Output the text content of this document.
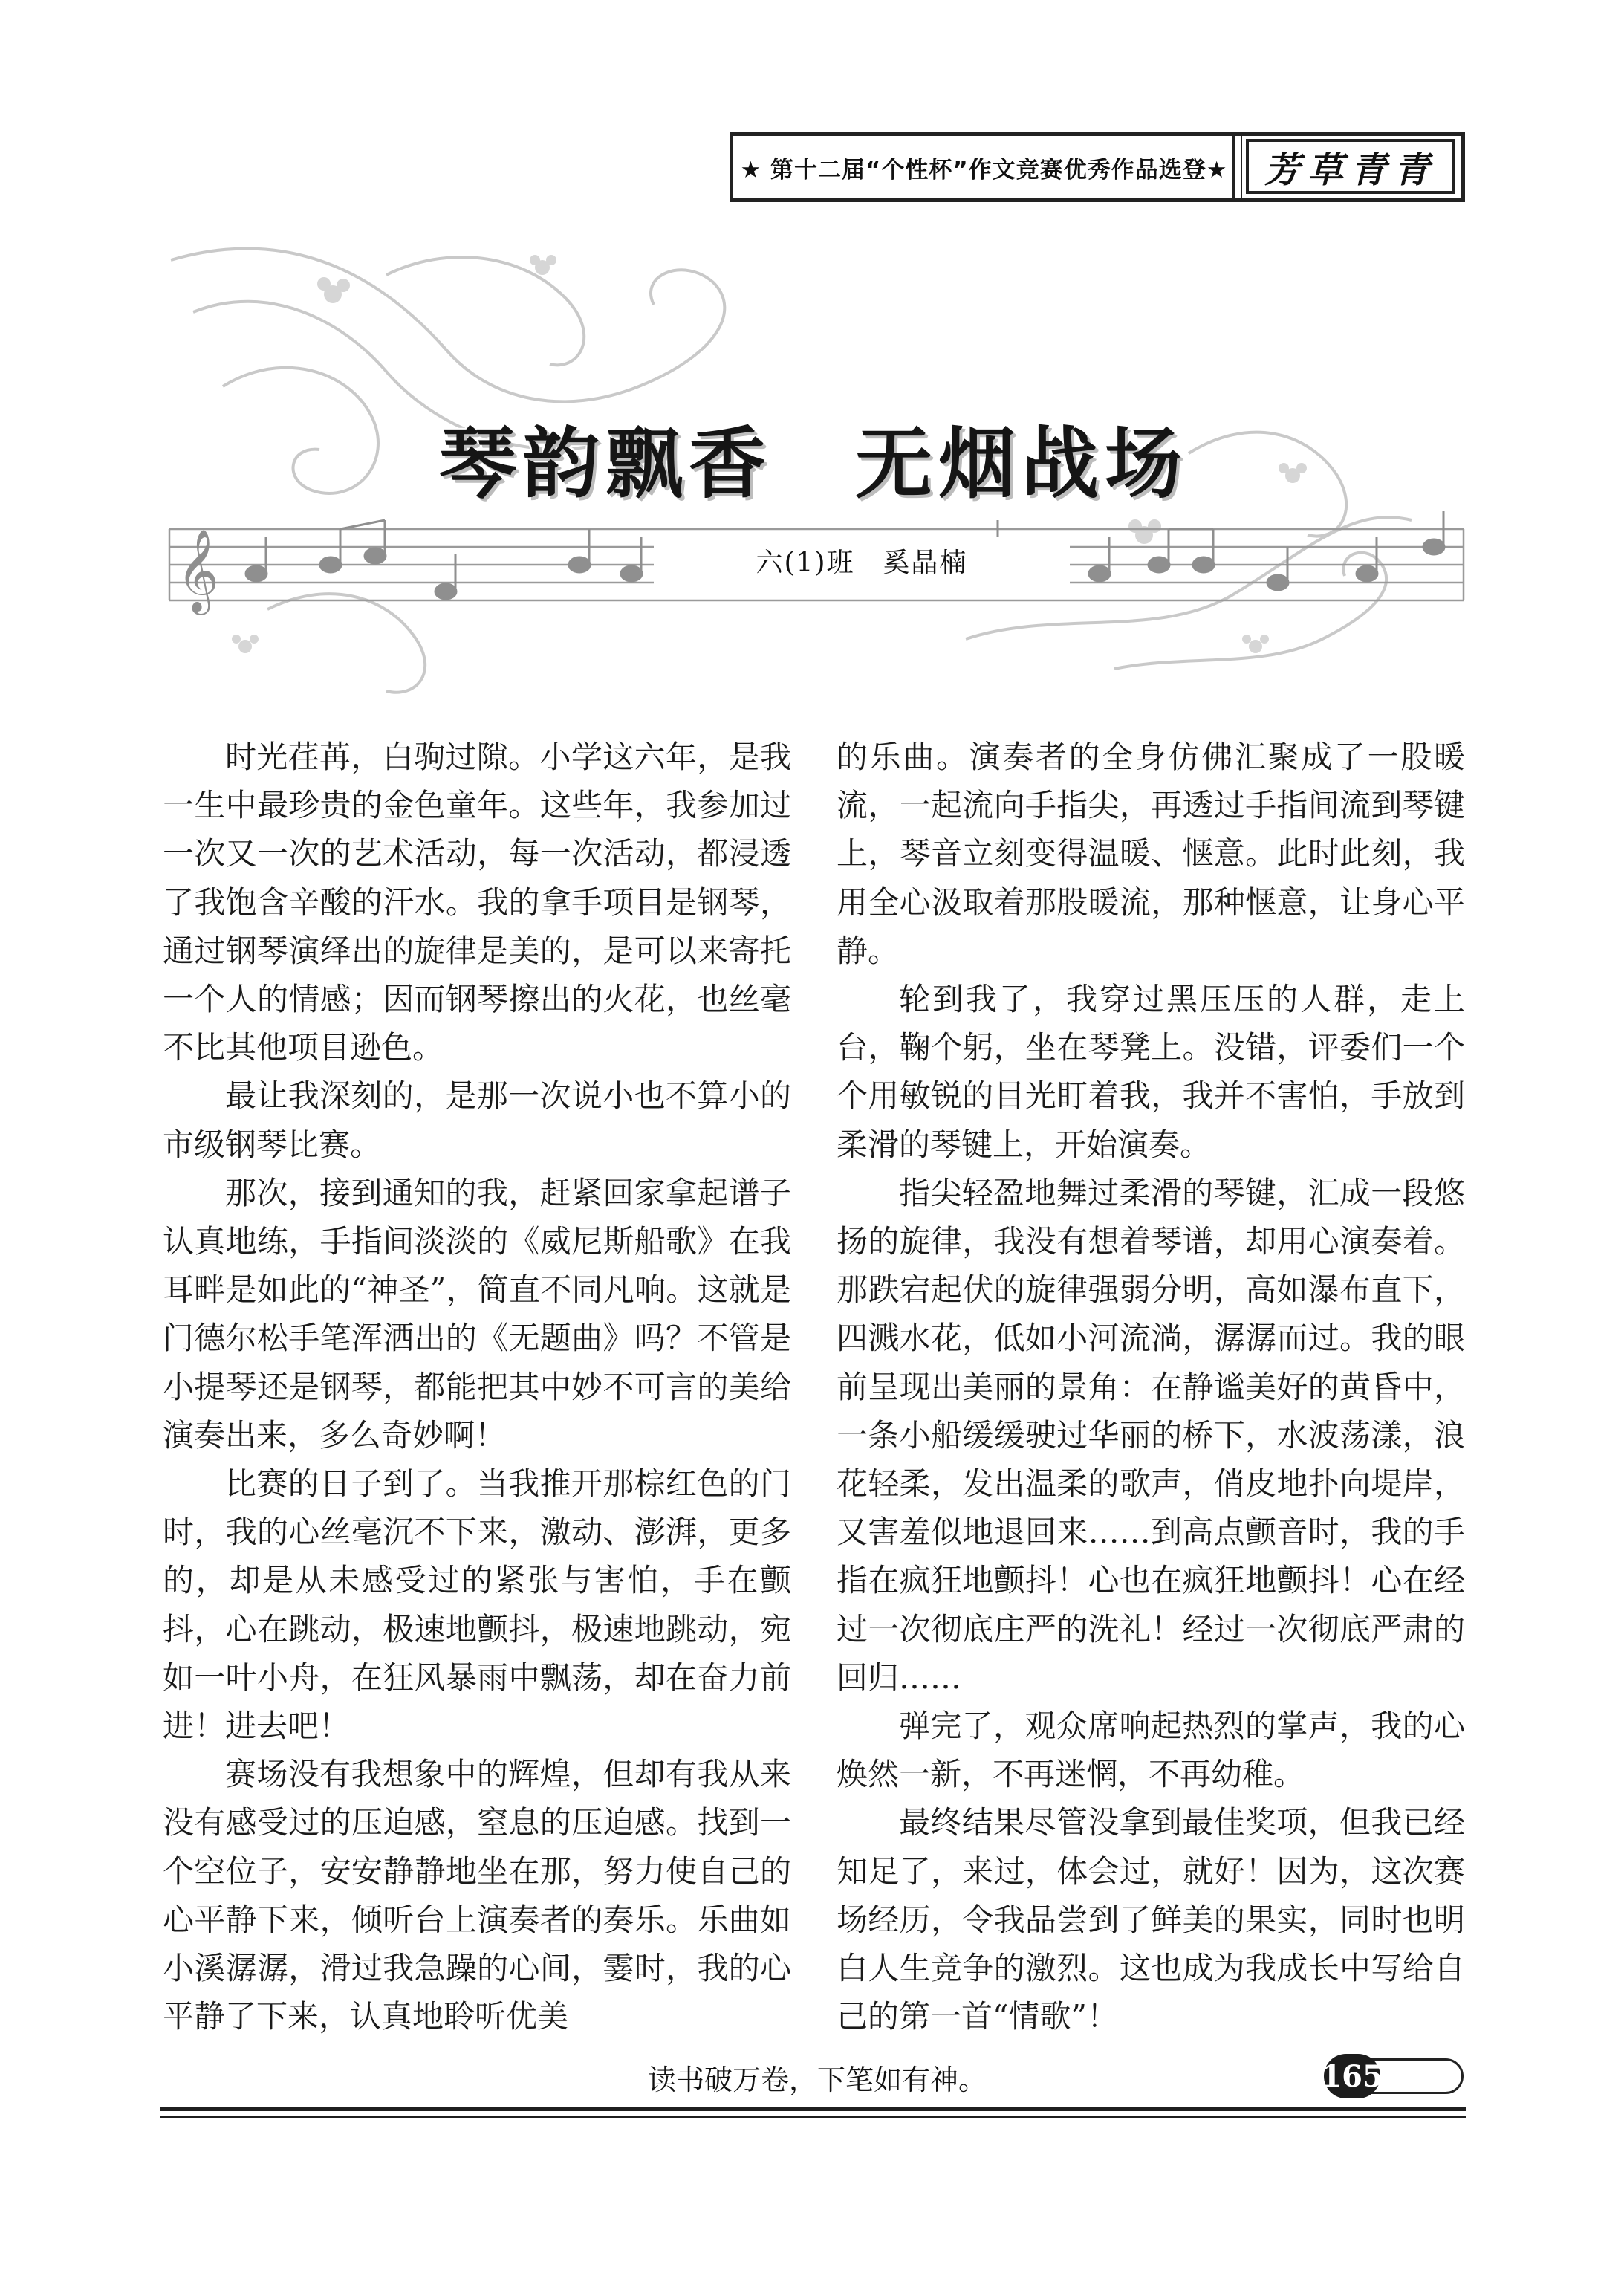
★ 第十二届“个性杯”作文竞赛优秀作品选登★	芳草青青
𝄞
琴韵飘香　无烟战场
六(1)班　奚晶楠

时光荏苒，白驹过隙。小学这六年，是我一生中最珍贵的金色童年。这些年，我参加过一次又一次的艺术活动，每一次活动，都浸透了我饱含辛酸的汗水。我的拿手项目是钢琴，通过钢琴演绎出的旋律是美的，是可以来寄托一个人的情感；因而钢琴擦出的火花，也丝毫不比其他项目逊色。

最让我深刻的，是那一次说小也不算小的市级钢琴比赛。

那次，接到通知的我，赶紧回家拿起谱子认真地练，手指间淡淡的《威尼斯船歌》在我耳畔是如此的“神圣”，简直不同凡响。这就是门德尔松手笔浑洒出的《无题曲》吗？不管是小提琴还是钢琴，都能把其中妙不可言的美给演奏出来，多么奇妙啊！

比赛的日子到了。当我推开那棕红色的门时，我的心丝毫沉不下来，激动、澎湃，更多的，却是从未感受过的紧张与害怕，手在颤抖，心在跳动，极速地颤抖，极速地跳动，宛如一叶小舟，在狂风暴雨中飘荡，却在奋力前进！进去吧！

赛场没有我想象中的辉煌，但却有我从来没有感受过的压迫感，窒息的压迫感。找到一个空位子，安安静静地坐在那，努力使自己的心平静下来，倾听台上演奏者的奏乐。乐曲如小溪潺潺，滑过我急躁的心间，霎时，我的心平静了下来，认真地聆听优美

的乐曲。演奏者的全身仿佛汇聚成了一股暖流，一起流向手指尖，再透过手指间流到琴键上，琴音立刻变得温暖、惬意。此时此刻，我用全心汲取着那股暖流，那种惬意，让身心平静。

轮到我了，我穿过黑压压的人群，走上台，鞠个躬，坐在琴凳上。没错，评委们一个个用敏锐的目光盯着我，我并不害怕，手放到柔滑的琴键上，开始演奏。

指尖轻盈地舞过柔滑的琴键，汇成一段悠扬的旋律，我没有想着琴谱，却用心演奏着。那跌宕起伏的旋律强弱分明，高如瀑布直下，四溅水花，低如小河流淌，潺潺而过。我的眼前呈现出美丽的景角：在静谧美好的黄昏中，一条小船缓缓驶过华丽的桥下，水波荡漾，浪花轻柔，发出温柔的歌声，俏皮地扑向堤岸，又害羞似地退回来……到高点颤音时，我的手指在疯狂地颤抖！心也在疯狂地颤抖！心在经过一次彻底庄严的洗礼！经过一次彻底严肃的回归……

弹完了，观众席响起热烈的掌声，我的心焕然一新，不再迷惘，不再幼稚。

最终结果尽管没拿到最佳奖项，但我已经知足了，来过，体会过，就好！因为，这次赛场经历，令我品尝到了鲜美的果实，同时也明白人生竞争的激烈。这也成为我成长中写给自己的第一首“情歌”！

读书破万卷，下笔如有神。	165
